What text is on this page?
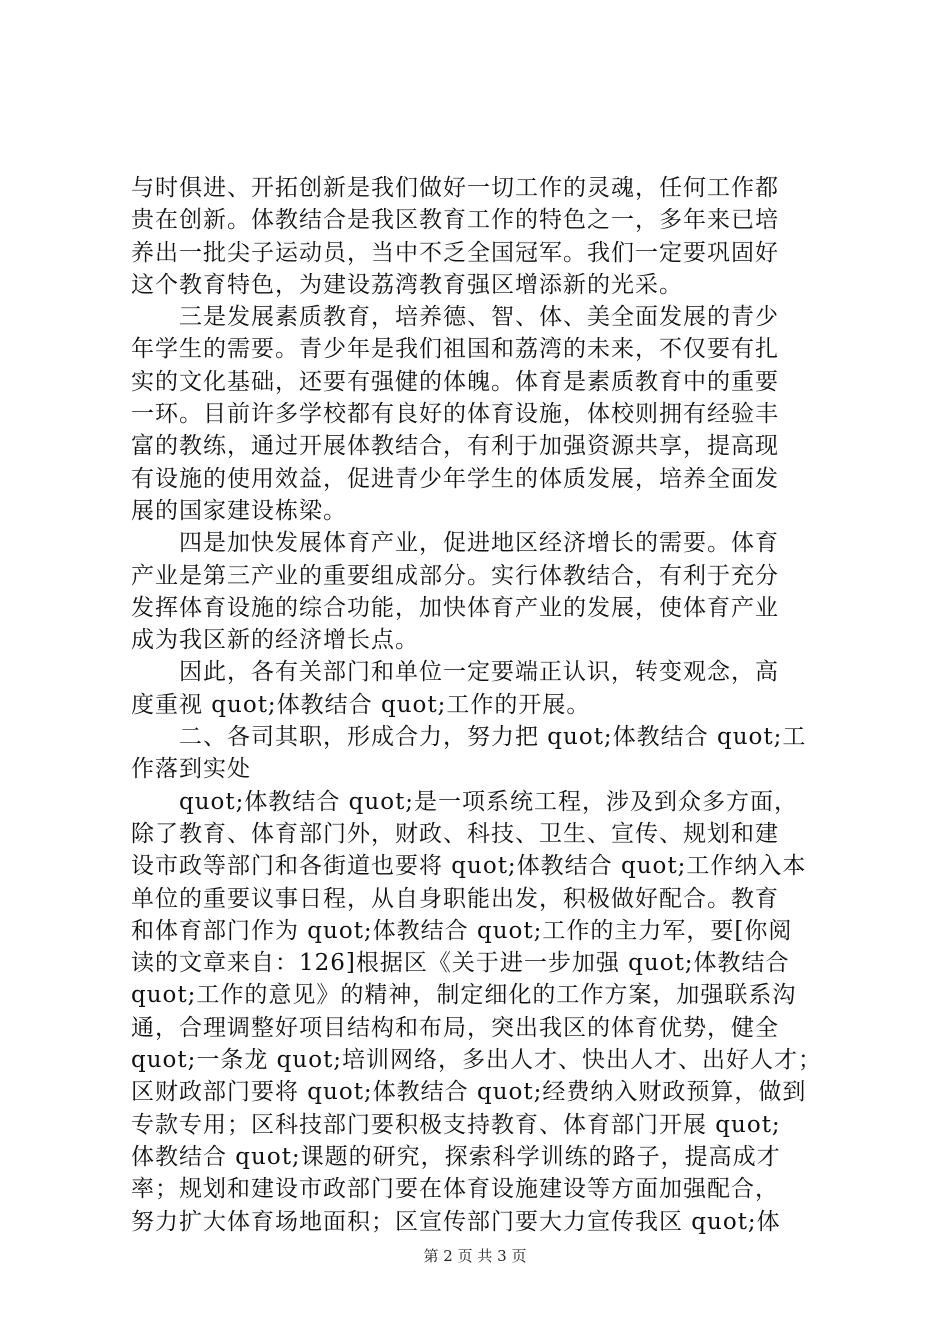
与时俱进、开拓创新是我们做好一切工作的灵魂，任何工作都
贵在创新。体教结合是我区教育工作的特色之一，多年来已培
养出一批尖子运动员，当中不乏全国冠军。我们一定要巩固好
这个教育特色，为建设荔湾教育强区增添新的光采。
　　三是发展素质教育，培养德、智、体、美全面发展的青少
年学生的需要。青少年是我们祖国和荔湾的未来，不仅要有扎
实的文化基础，还要有强健的体魄。体育是素质教育中的重要
一环。目前许多学校都有良好的体育设施，体校则拥有经验丰
富的教练，通过开展体教结合，有利于加强资源共享，提高现
有设施的使用效益，促进青少年学生的体质发展，培养全面发
展的国家建设栋梁。
　　四是加快发展体育产业，促进地区经济增长的需要。体育
产业是第三产业的重要组成部分。实行体教结合，有利于充分
发挥体育设施的综合功能，加快体育产业的发展，使体育产业
成为我区新的经济增长点。
　　因此，各有关部门和单位一定要端正认识，转变观念，高
度重视 quot;体教结合 quot;工作的开展。
　　二、各司其职，形成合力，努力把 quot;体教结合 quot;工
作落到实处
　　quot;体教结合 quot;是一项系统工程，涉及到众多方面，
除了教育、体育部门外，财政、科技、卫生、宣传、规划和建
设市政等部门和各街道也要将 quot;体教结合 quot;工作纳入本
单位的重要议事日程，从自身职能出发，积极做好配合。教育
和体育部门作为 quot;体教结合 quot;工作的主力军，要[你阅
读的文章来自：126]根据区《关于进一步加强 quot;体教结合
quot;工作的意见》的精神，制定细化的工作方案，加强联系沟
通，合理调整好项目结构和布局，突出我区的体育优势，健全
quot;一条龙 quot;培训网络，多出人才、快出人才、出好人才；
区财政部门要将 quot;体教结合 quot;经费纳入财政预算，做到
专款专用；区科技部门要积极支持教育、体育部门开展 quot;
体教结合 quot;课题的研究，探索科学训练的路子，提高成才
率；规划和建设市政部门要在体育设施建设等方面加强配合，
努力扩大体育场地面积；区宣传部门要大力宣传我区 quot;体
第 2 页 共 3 页
